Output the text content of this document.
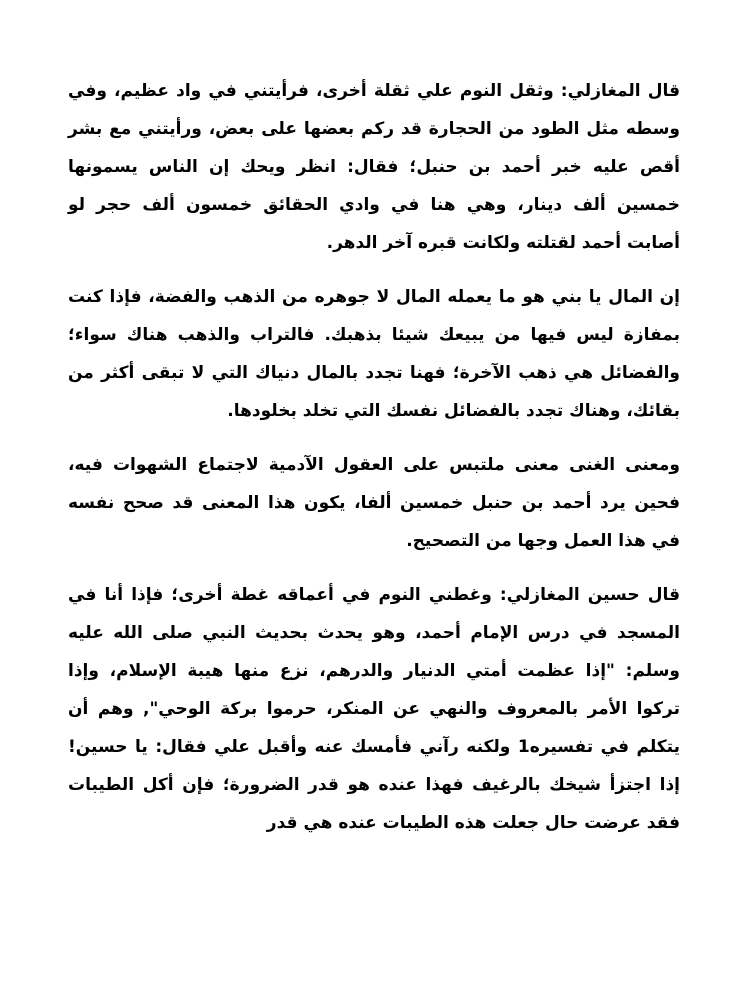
قال المغازلي: وثقل النوم علي ثقلة أخرى، فرأيتني في واد عظيم، وفي وسطه مثل الطود من الحجارة قد ركم بعضها على بعض، ورأيتني مع بشر أقص عليه خبر أحمد بن حنبل؛ فقال: انظر ويحك إن الناس يسمونها خمسين ألف دينار، وهي هنا في وادي الحقائق خمسون ألف حجر لو أصابت أحمد لقتلته ولكانت قبره آخر الدهر.

إن المال يا بني هو ما يعمله المال لا جوهره من الذهب والفضة، فإذا كنت بمفازة ليس فيها من يبيعك شيئا بذهبك. فالتراب والذهب هناك سواء؛ والفضائل هي ذهب الآخرة؛ فهنا تجدد بالمال دنياك التي لا تبقى أكثر من بقائك، وهناك تجدد بالفضائل نفسك التي تخلد بخلودها.

ومعنى الغنى معنى ملتبس على العقول الآدمية لاجتماع الشهوات فيه، فحين يرد أحمد بن حنبل خمسين ألفا، يكون هذا المعنى قد صحح نفسه في هذا العمل وجها من التصحيح.

قال حسين المغازلي: وغطني النوم في أعماقه غطة أخرى؛ فإذا أنا في المسجد في درس الإمام أحمد، وهو يحدث بحديث النبي صلى الله عليه وسلم: "إذا عظمت أمتي الدنيار والدرهم، نزع منها هيبة الإسلام، وإذا تركوا الأمر بالمعروف والنهي عن المنكر، حرموا بركة الوحي", وهم أن يتكلم في تفسيره1 ولكنه رآني فأمسك عنه وأقبل علي فقال: يا حسين! إذا اجتزأ شيخك بالرغيف فهذا عنده هو قدر الضرورة؛ فإن أكل الطيبات فقد عرضت حال جعلت هذه الطيبات عنده هي قدر
